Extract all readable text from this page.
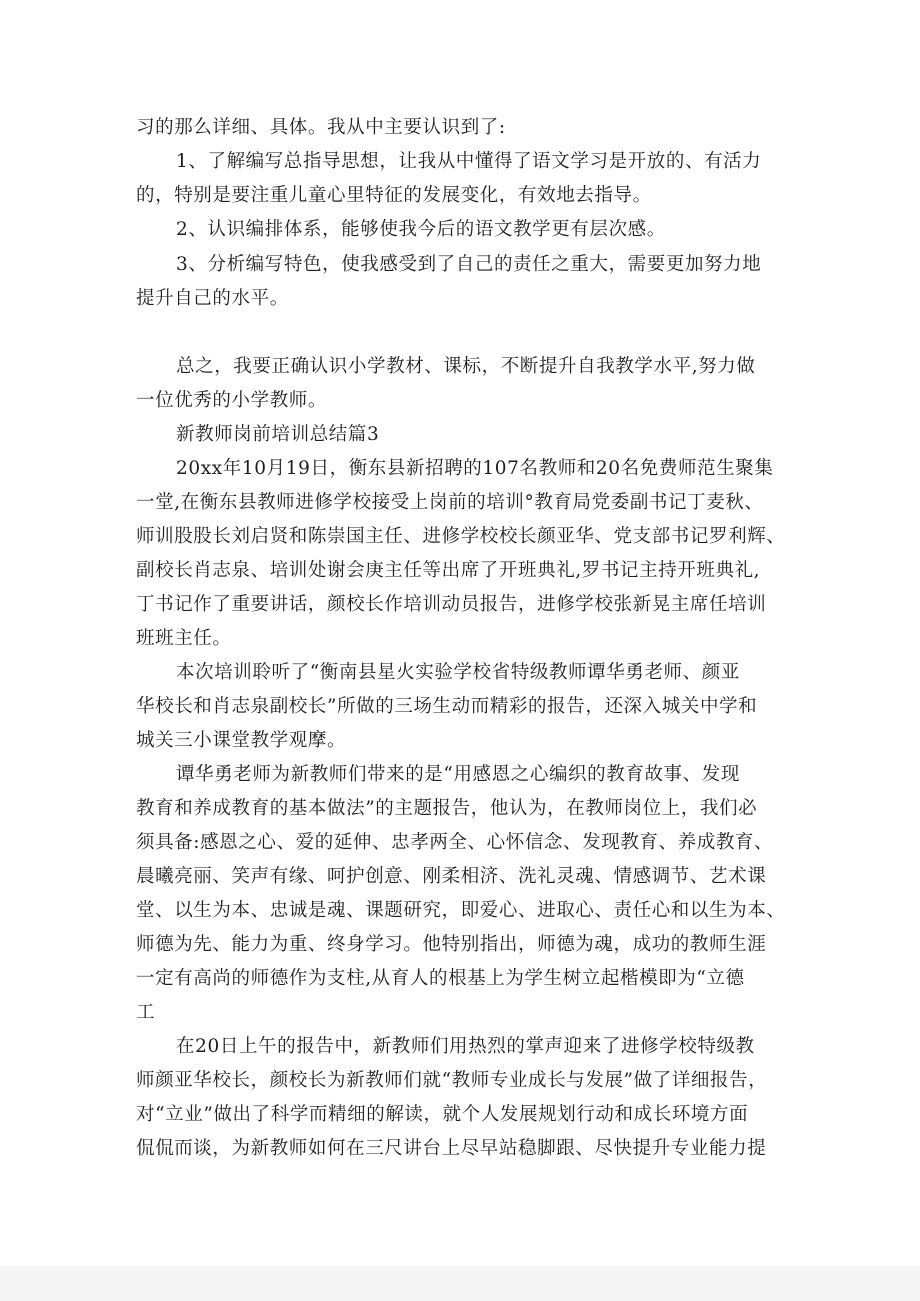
习的那么详细、具体。我从中主要认识到了:
1、了解编写总指导思想，让我从中懂得了语文学习是开放的、有活力
的，特别是要注重儿童心里特征的发展变化，有效地去指导。
2、认识编排体系，能够使我今后的语文教学更有层次感。
3、分析编写特色，使我感受到了自己的责任之重大，需要更加努力地
提升自己的水平。
总之，我要正确认识小学教材、课标，不断提升自我教学水平,努力做
一位优秀的小学教师。
新教师岗前培训总结篇3
20xx年10月19日，衡东县新招聘的107名教师和20名免费师范生聚集
一堂,在衡东县教师进修学校接受上岗前的培训°教育局党委副书记丁麦秋、
师训股股长刘启贤和陈崇国主任、进修学校校长颜亚华、党支部书记罗利辉、
副校长肖志泉、培训处谢会庚主任等出席了开班典礼,罗书记主持开班典礼,
丁书记作了重要讲话，颜校长作培训动员报告，进修学校张新晃主席任培训
班班主任。
本次培训聆听了“衡南县星火实验学校省特级教师谭华勇老师、颜亚
华校长和肖志泉副校长”所做的三场生动而精彩的报告，还深入城关中学和
城关三小课堂教学观摩。
谭华勇老师为新教师们带来的是“用感恩之心编织的教育故事、发现
教育和养成教育的基本做法”的主题报告，他认为，在教师岗位上，我们必
须具备:感恩之心、爱的延伸、忠孝两全、心怀信念、发现教育、养成教育、
晨曦亮丽、笑声有缘、呵护创意、刚柔相济、洗礼灵魂、情感调节、艺术课
堂、以生为本、忠诚是魂、课题研究，即爱心、进取心、责任心和以生为本、
师德为先、能力为重、终身学习。他特别指出，师德为魂，成功的教师生涯
一定有高尚的师德作为支柱,从育人的根基上为学生树立起楷模即为“立德
工
在20日上午的报告中，新教师们用热烈的掌声迎来了进修学校特级教
师颜亚华校长，颜校长为新教师们就“教师专业成长与发展”做了详细报告，
对“立业”做出了科学而精细的解读，就个人发展规划行动和成长环境方面
侃侃而谈，为新教师如何在三尺讲台上尽早站稳脚跟、尽快提升专业能力提
